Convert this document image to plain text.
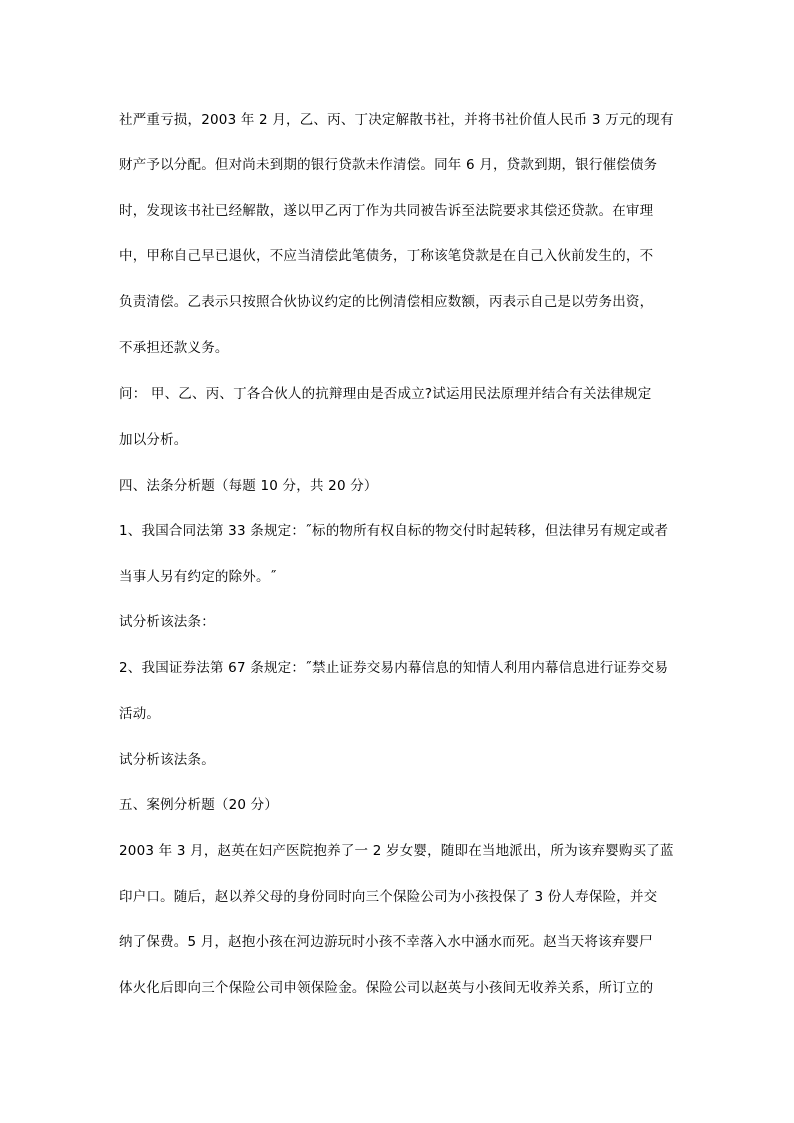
社严重亏损，2003 年 2 月，乙、丙、丁决定解散书社，并将书社价值人民币 3 万元的现有
财产予以分配。但对尚未到期的银行贷款未作清偿。同年 6 月，贷款到期，银行催偿债务
时，发现该书社已经解散，遂以甲乙丙丁作为共同被告诉至法院要求其偿还贷款。在审理
中，甲称自己早已退伙，不应当清偿此笔债务，丁称该笔贷款是在自己入伙前发生的，不
负责清偿。乙表示只按照合伙协议约定的比例清偿相应数额，丙表示自己是以劳务出资，
不承担还款义务。
问： 甲、乙、丙、丁各合伙人的抗辩理由是否成立?试运用民法原理并结合有关法律规定
加以分析。
四、法条分析题（每题 10 分，共 20 分）
1、我国合同法第 33 条规定：˝标的物所有权自标的物交付时起转移，但法律另有规定或者
当事人另有约定的除外。˝
试分析该法条：
2、我国证券法第 67 条规定：˝禁止证券交易内幕信息的知情人利用内幕信息进行证券交易
活动。
试分析该法条。
五、案例分析题（20 分）
2003 年 3 月，赵英在妇产医院抱养了一 2 岁女婴，随即在当地派出，所为该弃婴购买了蓝
印户口。随后，赵以养父母的身份同时向三个保险公司为小孩投保了 3 份人寿保险，并交
纳了保费。5 月，赵抱小孩在河边游玩时小孩不幸落入水中涵水而死。赵当天将该弃婴尸
体火化后即向三个保险公司申领保险金。保险公司以赵英与小孩间无收养关系，所订立的
